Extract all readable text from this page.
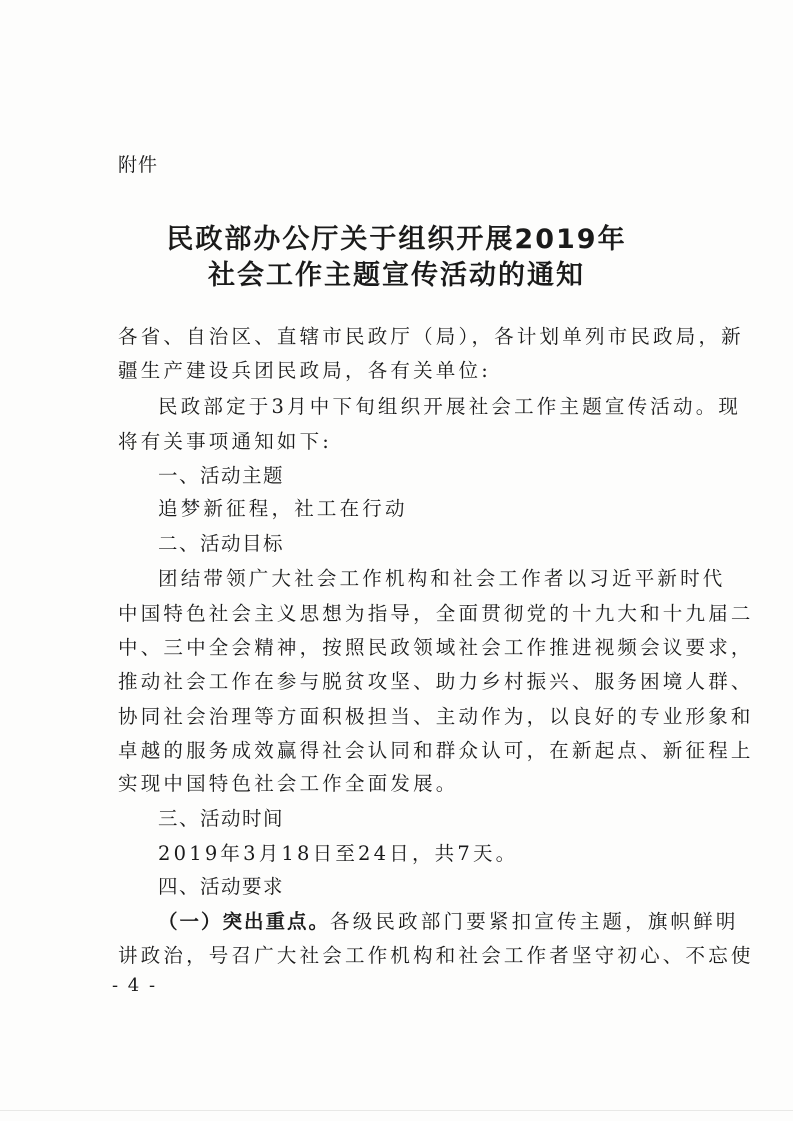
附件
民政部办公厅关于组织开展2019年
社会工作主题宣传活动的通知
各省、自治区、直辖市民政厅（局），各计划单列市民政局，新
疆生产建设兵团民政局，各有关单位:
民政部定于3月中下旬组织开展社会工作主题宣传活动。现
将有关事项通知如下:
一、活动主题
追梦新征程，社工在行动
二、活动目标
团结带领广大社会工作机构和社会工作者以习近平新时代
中国特色社会主义思想为指导，全面贯彻党的十九大和十九届二
中、三中全会精神，按照民政领域社会工作推进视频会议要求，
推动社会工作在参与脱贫攻坚、助力乡村振兴、服务困境人群、
协同社会治理等方面积极担当、主动作为，以良好的专业形象和
卓越的服务成效赢得社会认同和群众认可，在新起点、新征程上
实现中国特色社会工作全面发展。
三、活动时间
2019年3月18日至24日，共7天。
四、活动要求
（一）突出重点。各级民政部门要紧扣宣传主题，旗帜鲜明
讲政治，号召广大社会工作机构和社会工作者坚守初心、不忘使
- 4 -
